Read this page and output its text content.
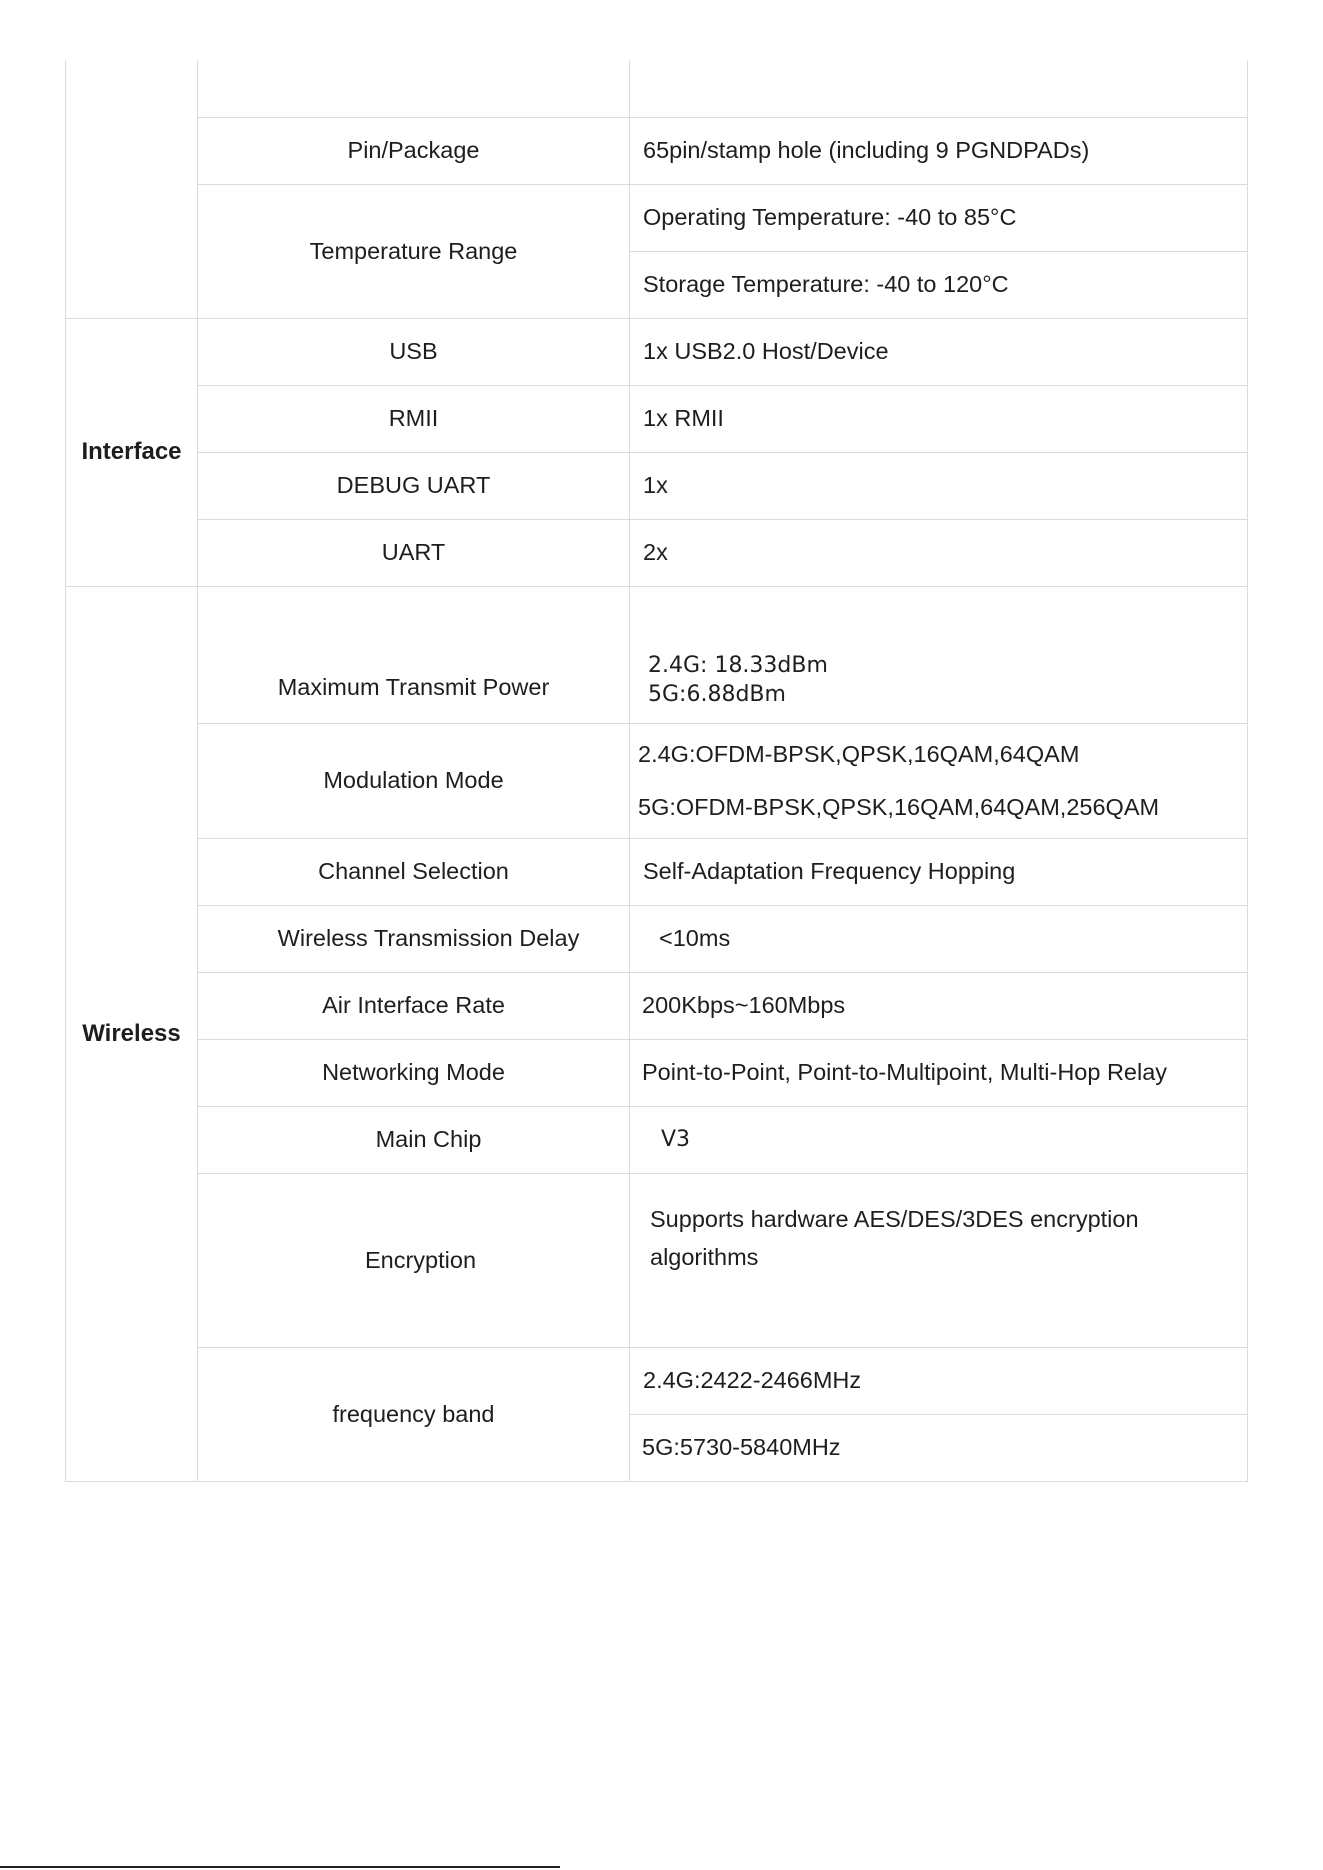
	Pin/Package	65pin/stamp hole (including 9 PGNDPADs)
	Temperature Range	Operating Temperature: -40 to 85°C
		Storage Temperature: -40 to 120°C
Interface	USB	1x USB2.0 Host/Device
	RMII	1x RMII
	DEBUG UART	1x
	UART	2x
Wireless	Maximum Transmit Power	2.4G: 18.33dBm
5G:6.88dBm

	Modulation Mode	2.4G:OFDM-BPSK,QPSK,16QAM,64QAM
5G:OFDM-BPSK,QPSK,16QAM,64QAM,256QAM

	Channel Selection	Self-Adaptation Frequency Hopping
	Wireless Transmission Delay	<10ms
	Air Interface Rate	200Kbps~160Mbps
	Networking Mode	Point-to-Point, Point-to-Multipoint, Multi-Hop Relay
	Main Chip	V3
	Encryption	Supports hardware AES/DES/3DES encryption
algorithms

	frequency band	2.4G:2422-2466MHz
		5G:5730-5840MHz
